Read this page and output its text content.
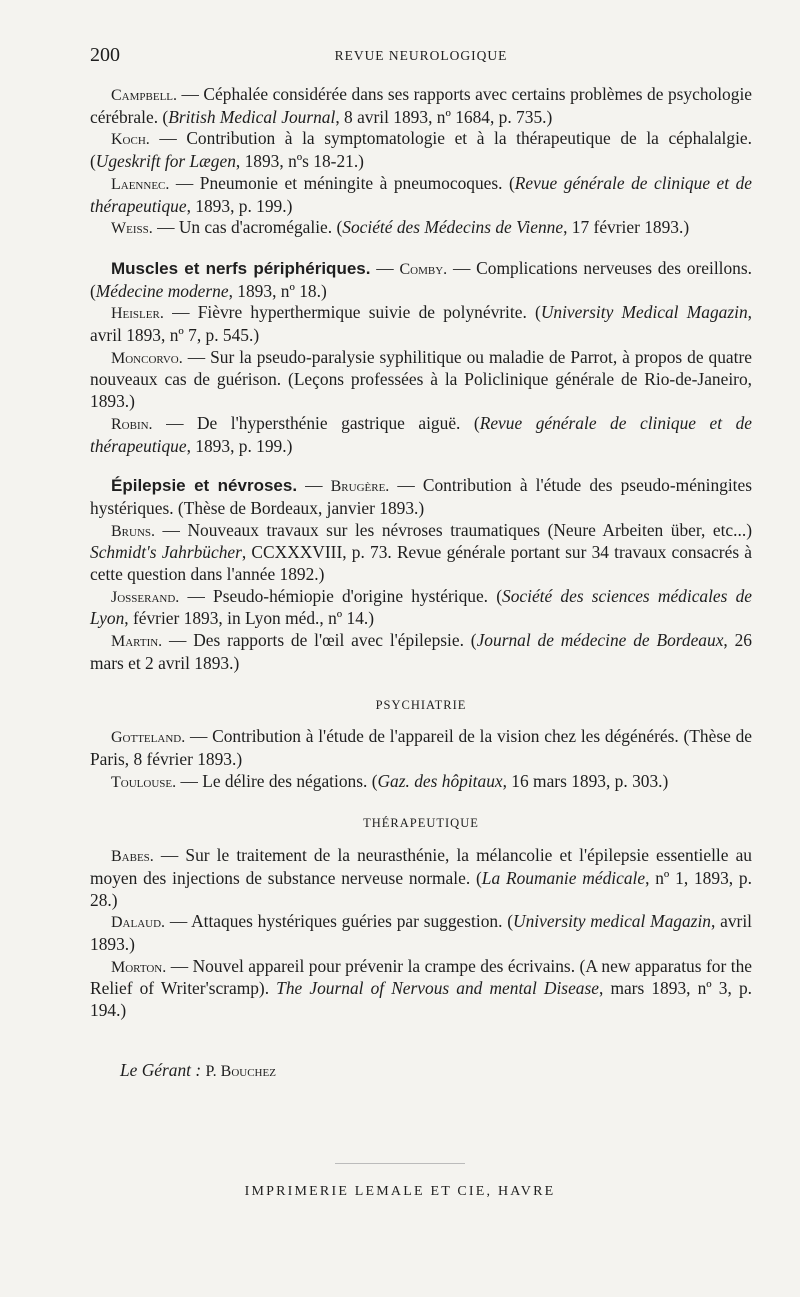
200	REVUE NEUROLOGIQUE

Campbell. — Céphalée considérée dans ses rapports avec certains problèmes de psychologie cérébrale. (British Medical Journal, 8 avril 1893, nº 1684, p. 735.)

Koch. — Contribution à la symptomatologie et à la thérapeutique de la céphalalgie. (Ugeskrift for Lægen, 1893, nºs 18-21.)

Laennec. — Pneumonie et méningite à pneumocoques. (Revue générale de clinique et de thérapeutique, 1893, p. 199.)

Weiss. — Un cas d'acromégalie. (Société des Médecins de Vienne, 17 février 1893.)

Muscles et nerfs périphériques. — Comby. — Complications nerveuses des oreillons. (Médecine moderne, 1893, nº 18.)

Heisler. — Fièvre hyperthermique suivie de polynévrite. (University Medical Magazin, avril 1893, nº 7, p. 545.)

Moncorvo. — Sur la pseudo-paralysie syphilitique ou maladie de Parrot, à propos de quatre nouveaux cas de guérison. (Leçons professées à la Policlinique générale de Rio-de-Janeiro, 1893.)

Robin. — De l'hypersthénie gastrique aiguë. (Revue générale de clinique et de thérapeutique, 1893, p. 199.)

Épilepsie et névroses. — Brugère. — Contribution à l'étude des pseudo-méningites hystériques. (Thèse de Bordeaux, janvier 1893.)

Bruns. — Nouveaux travaux sur les névroses traumatiques (Neure Arbeiten über, etc...) Schmidt's Jahrbücher, CCXXXVIII, p. 73. Revue générale portant sur 34 travaux consacrés à cette question dans l'année 1892.)

Josserand. — Pseudo-hémiopie d'origine hystérique. (Société des sciences médicales de Lyon, février 1893, in Lyon méd., nº 14.)

Martin. — Des rapports de l'œil avec l'épilepsie. (Journal de médecine de Bordeaux, 26 mars et 2 avril 1893.)

PSYCHIATRIE

Gotteland. — Contribution à l'étude de l'appareil de la vision chez les dégénérés. (Thèse de Paris, 8 février 1893.)

Toulouse. — Le délire des négations. (Gaz. des hôpitaux, 16 mars 1893, p. 303.)

THÉRAPEUTIQUE

Babes. — Sur le traitement de la neurasthénie, la mélancolie et l'épilepsie essentielle au moyen des injections de substance nerveuse normale. (La Roumanie médicale, nº 1, 1893, p. 28.)

Dalaud. — Attaques hystériques guéries par suggestion. (University medical Magazin, avril 1893.)

Morton. — Nouvel appareil pour prévenir la crampe des écrivains. (A new apparatus for the Relief of Writer'scramp). The Journal of Nervous and mental Disease, mars 1893, nº 3, p. 194.)

Le Gérant : P. Bouchez
IMPRIMERIE LEMALE ET CIE, HAVRE
